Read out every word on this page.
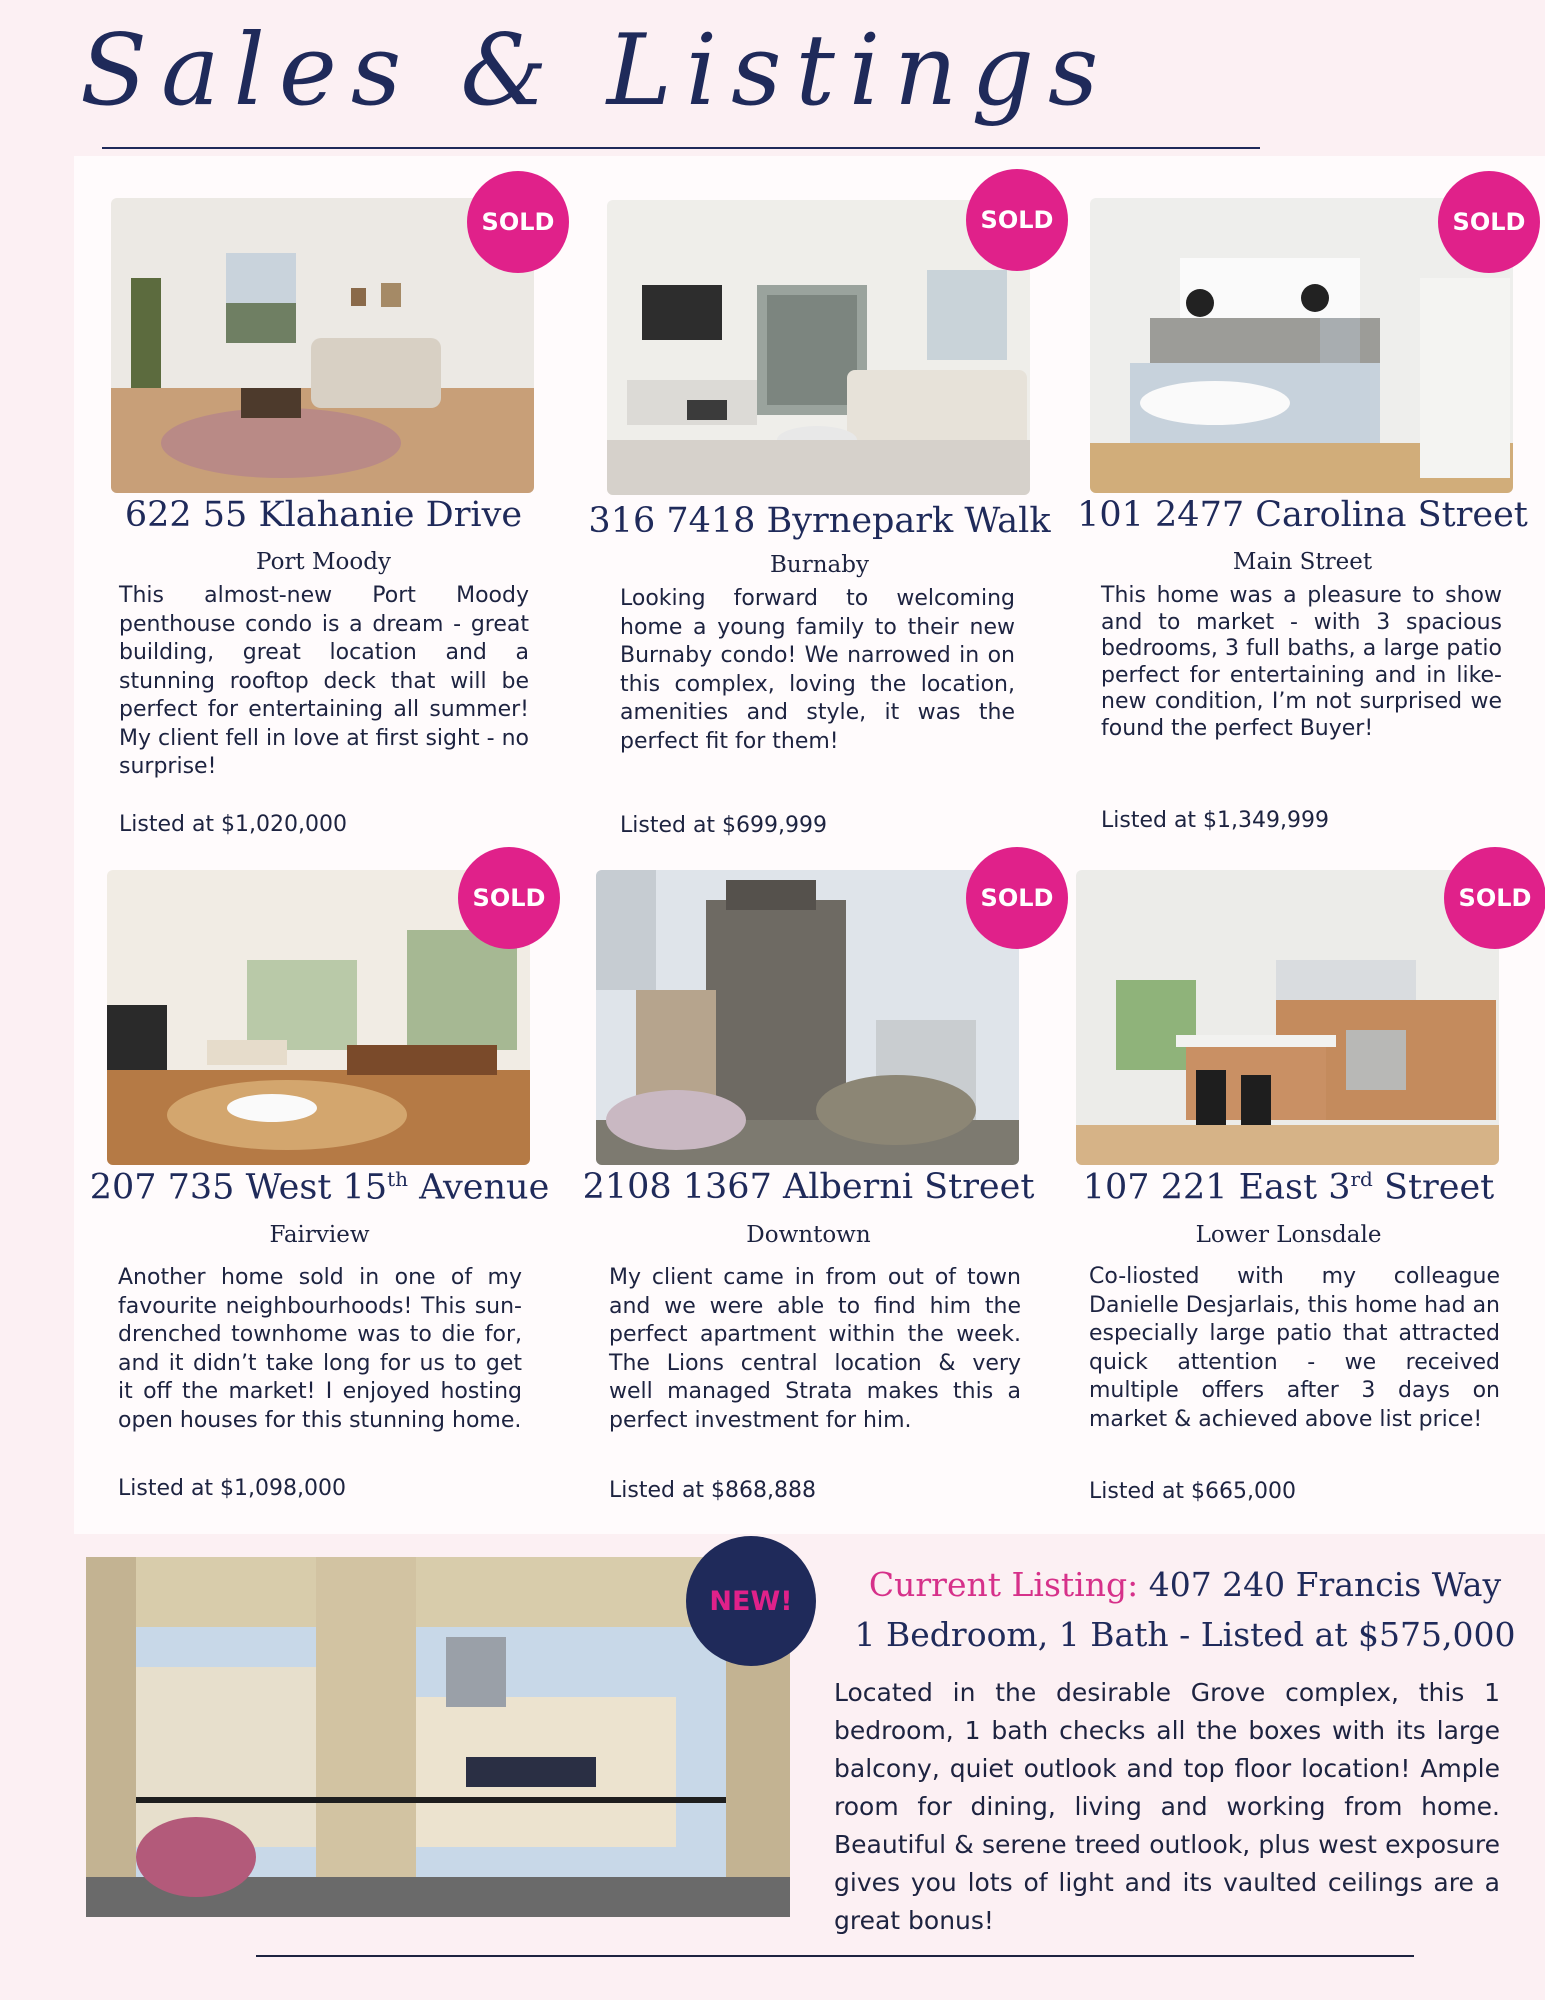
Sales & Listings
SOLD
622 55 Klahanie Drive
Port Moody
This almost-new Port Moody penthouse condo is a dream - great building, great location and a stunning rooftop deck that will be perfect for entertaining all summer! My client fell in love at first sight - no surprise!
Listed at $1,020,000
SOLD
316 7418 Byrnepark Walk
Burnaby
Looking forward to welcoming home a young family to their new Burnaby condo! We narrowed in on this complex, loving the location, amenities and style, it was the perfect fit for them!
Listed at $699,999
SOLD
101 2477 Carolina Street
Main Street
This home was a pleasure to show and to market - with 3 spacious bedrooms, 3 full baths, a large patio perfect for entertaining and in like-new condition, I’m not surprised we found the perfect Buyer!
Listed at $1,349,999
SOLD
207 735 West 15th Avenue
Fairview
Another home sold in one of my favourite neighbourhoods! This sun-drenched townhome was to die for, and it didn’t take long for us to get it off the market! I enjoyed hosting open houses for this stunning home.
Listed at $1,098,000
SOLD
2108 1367 Alberni Street
Downtown
My client came in from out of town and we were able to find him the perfect apartment within the week. The Lions central location & very well managed Strata makes this a perfect investment for him.
Listed at $868,888
SOLD
107 221 East 3rd Street
Lower Lonsdale
Co-liosted with my colleague Danielle Desjarlais, this home had an especially large patio that attracted quick attention - we received multiple offers after 3 days on market & achieved above list price!
Listed at $665,000
NEW!	Current Listing: 407 240 Francis Way
1 Bedroom, 1 Bath - Listed at $575,000
Located in the desirable Grove complex, this 1 bedroom, 1 bath checks all the boxes with its large balcony, quiet outlook and top floor location! Ample room for dining, living and working from home. Beautiful & serene treed outlook, plus west exposure gives you lots of light and its vaulted ceilings are a great bonus!
